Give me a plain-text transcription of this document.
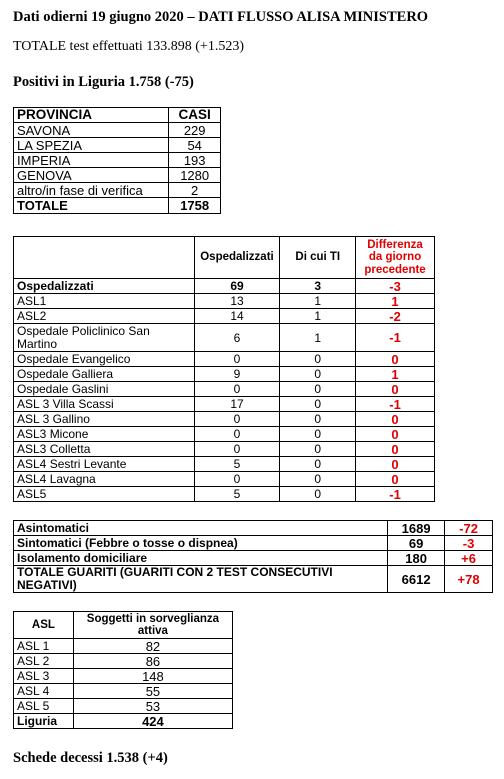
Dati odierni 19 giugno 2020 – DATI FLUSSO ALISA MINISTERO
TOTALE test effettuati 133.898 (+1.523)
Positivi in Liguria 1.758 (-75)
PROVINCIA	CASI
SAVONA	229
LA SPEZIA	54
IMPERIA	193
GENOVA	1280
altro/in fase di verifica	2
TOTALE	1758
	Ospedalizzati	Di cui TI	Differenza da giorno precedente
Ospedalizzati	69	3	-3
ASL1	13	1	1
ASL2	14	1	-2
Ospedale Policlinico San Martino	6	1	-1
Ospedale Evangelico	0	0	0
Ospedale Galliera	9	0	1
Ospedale Gaslini	0	0	0
ASL 3 Villa Scassi	17	0	-1
ASL 3 Gallino	0	0	0
ASL3 Micone	0	0	0
ASL3 Colletta	0	0	0
ASL4 Sestri Levante	5	0	0
ASL4 Lavagna	0	0	0
ASL5	5	0	-1
Asintomatici	1689	-72
Sintomatici (Febbre o tosse o dispnea)	69	-3
Isolamento domiciliare	180	+6
TOTALE GUARITI (GUARITI CON 2 TEST CONSECUTIVI NEGATIVI)	6612	+78
ASL	Soggetti in sorveglianza attiva
ASL 1	82
ASL 2	86
ASL 3	148
ASL 4	55
ASL 5	53
Liguria	424
Schede decessi 1.538 (+4)
